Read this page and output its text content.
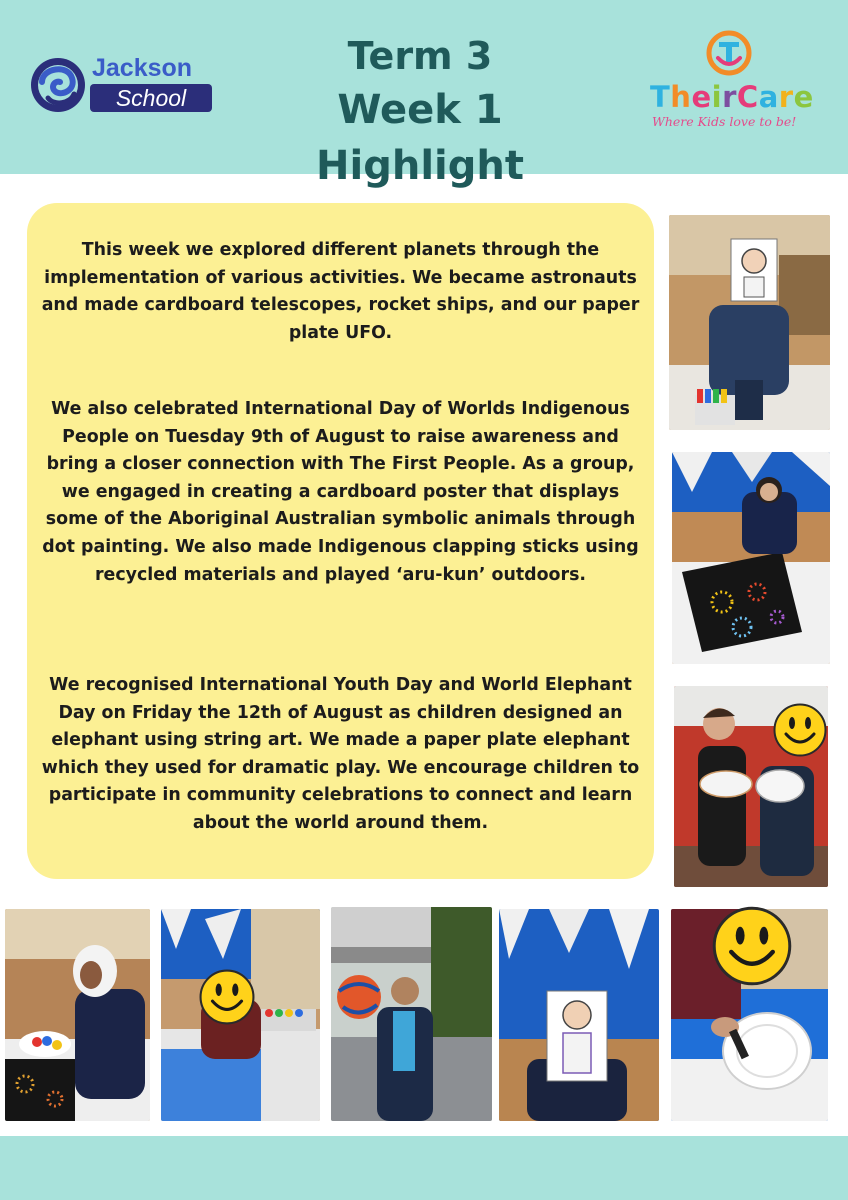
Jackson
School
Term 3
Week 1 Highlight
TheirCare
Where Kids love to be!

This week we explored different planets through the implementation of various activities. We became astronauts and made cardboard telescopes, rocket ships, and our paper plate UFO.

We also celebrated International Day of Worlds Indigenous People on Tuesday 9th of August to raise awareness and bring a closer connection with The First People. As a group, we engaged in creating a cardboard poster that displays some of the Aboriginal Australian symbolic animals through dot painting. We also made Indigenous clapping sticks using recycled materials and played ‘aru-kun’ outdoors.

We recognised International Youth Day and World Elephant Day on Friday the 12th of August as children designed an elephant using string art. We made a paper plate elephant which they used for dramatic play. We encourage children to participate in community celebrations to connect and learn about the world around them.
